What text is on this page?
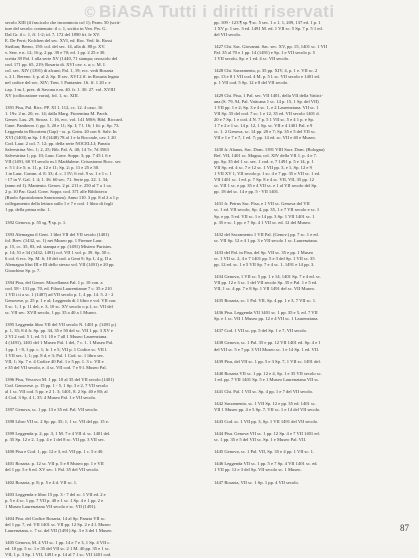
© BiASA Tutti i diritti riservati
secolo XIII (il fascicolo che incomincia col 1); Parm. 50 (scrit-
ture del secolo: contenuto: il c. 1, scritto in Ven. Prs. G.
Dal Gr. il c. 1, ff. 1-2; id. 7, 172 del 1890 frt. le XV.
E. De Ferri; Kolchen del sec. XVI, ed. Roc. Ved. lit. Rossi
Sizilian; Berno, 150: col. del sec. 14, alla di. 88 p. XV.
v. Serr. e n. 12; 16 g. 2 pp. 39 e 70; ed. 1 pp. 2 25 e 30.
scritta 39 Pal. 1 alla serie XV (1440, 71 stampa; cnoscolo del
cod. 171 pp. 65, 219; Rosaria di. XVI cav. s. a; c. M. I.
col. sec. XIV (1391) di alcuni; Pal. 1, 19; ecc. vedi Rosaria
s. 2 1. Bereno. f; p. al 2; Sp. II sec. XVI 2 ff. in Rosaria legato
nel codice del sec. XIV; Tren. 1 Pantanier. 16. ff. 1 20 r. e
t.ap. 1 m.1, pres. di Savona e.m. 40. fr. 1. 30. 27. vol. XVIII
XV (collocazione varia), fol. 1, sc. XIII.

1391 Pisa, Pal. Ricc. PP. XI 1. 112, cc. 12. 4 caso. 16
1. 19v. 2 m. 20, ec. 14; dalla Marg. Fiorentina M. Parch.
Genov. Lau. 29, Strozz. 1. 16, ecc. vol. 141 MSS; Bibl. Riccard.
Cane. Pantheon. f; pp. 5, 20 e 11; Sp. I; 7 l. 16; 1 lit. p. Sp. 73.
Leggenda in Ricoriem (Gap) - ss. p. Grim. 20 con S. Salv. In
XVI (1403) m Sp. 1 8 (1448) 78 al 1 e la Roccade, cav. 1 20
Cod. Laur. 2 col. 7. 12; pp. della serie NOCELLI; Panzia
Salvestrina Vec. 1; 2, 25; Bib. Pal. A. 40; 14 7e, 7d 3563
Salvestrina 1; pp. 10; Laur. Conv. Soppr. 3; pp. 7 45 l. 6 e
VII (1491, 60 VI secolo m.1 Maddalene. Crisostomo Rocc. sec
e. 5 1 4 e 5; n. 11, p. 12 e 11; Sp. 2; p. 11 e 25 e 30.
1 in Laur. Comm. d. 8. 33; d. c. 1 IV; 6 vol. 9 ss. 1 e 1 c. 1
- 17 in V. Gal. 1. 4; 1. 36. 60 sec. 71. Serie pp. 22. 1. 34;
(anno ed 1). Manteuto. Genov. 2 pi. 211 e. 250 al 7 a 1 ca.
2 p. 10 Par. Gual. Conv. Soppr. cod. 371 alle Biblioteca
(Ruolo Apostolorum Sanctorum). Anno 110. 3 pp. 8 al 2 a 1 p
collegamento della lettura sullo 1 e 7 e cod. 1 libro di fogli
1 pp. della prima ediz. 1.

1392 Genova, p. 55 sg. ¶ sp. p. 1.

1393 Alemagna il Gent. 1 libri VII del VII secolo (1401)
fol. Brev. (1432, sc. 1) nei Museo pp. 1 Firenze Laur.
p. 15, cc. 35, 83, ed. stampa e pp. (1491) Mistero Purisim.
p. 14; 51 e 34 (1432, 1491) col. VII 1 vol. p. 39. Sp. 50 c.
6 col. 6 ecc. Sp. M. 6; 10 del cod. a Gent 9; Sp. L 4 g. II a.
Alemagna libri III e III dello stesso vol. VII (1491) e 20 pp.
Gioachino Sp. p. 7.

1394 Pisa, del Genov. Miscellanea Pal. 1 p. 10 con. a
cod. 58 - 131 pp. 70, ed. Filoni Laurentianae 7 c. 35 e 210
1 VII i ii a sc. 1 (1487) ad VII secolo p. 1, 4 pp. 14. 5. 2 - 2
Genovese, p. 25 p. 1 e al; Leggenda di 1 libro e vol. VII con.
5 sc. 1; 1 p. 11 del, e. 3, 10 sc. XV secolo o p.1, sc. VII del
sc. VII sec. XVII secolo, 1 pp. 35 a 40 a 1 Museo.

1395 Leggenda libro VII del VII secolo N. 1401 p. (1491 p.)
p. 1, 35; 8 il fr. Sp. pp. 34, 35 e 50 del sc. VII 1 pp. 3 XV e
2 VI 2 cod. 5 1, ed. 5 l. 10 e 7 all 1 Museo Laurenziana.
4 (1491), 1401 del 1 Museo Pal. 1 del, 7 c. 1. 1 Museo Pal.
1 pp. 1 - 8, 1 pp. c. 1; fr. 1 e 5, VII p. 1 Codice sc. VII l.
1 VII sec. 1, 1; pp. 8 d, e 3; Pal. 1 Cod. sc. 1 libro sec.
VII, 1; Sp. 7 e. 4 Codice 40 Pal. 1 e 5 pp. 1. 3 c. VII e
e 35 del VII secolo, e. 4 sc. VII cod. 7 e 9 l. Museo Pal.

1396 Pisa, Vescovo M. 1 pp. 10 al 35 del VII secolo (1401)
Cod. Genovese. p. 15 pp. 1 - 5, 1 Sp. 3 e 2, 7 VII secolo
al 1 sc. VII cod. 5 pp. e 2 1. 3; 1401, 8. 2 Sp. 40 e 80; al
4 Cod. 3 Sp. 4 1, 35. 4 Museo Pal. 1 e VII secolo.

1397 Genova, sc. 1 pp. 13 e 35 ed. Pal. VII secolo.

1398 Libro VII sc. 2 Sp. pp. 35; 1, 1 sc. VII del pp. 15 e.

1399 Leggenda p. 2, pp. 3, 1 M. 7 e 4 VII d. sc. 1401 del.
p. 35 Sp. 12 e 2. 1 pp. 4 e 1 del 8 sc. VII pp. 3 VII sec.

1400 Pisa e Cod. 1, pp. 12 e 3, ed. VII pp. 1 c. 5 e 40.

1401 Rosaria. p. 12 sc. VII p. 5 e 8 Museo pp. 1 e VII
del 1 pp. 5 e 6 ed. XV sec. 1 Pal. 35 del VII secolo.

1402 Rosaria, p. 8; p. 5 e 4 d. VII sc. 1.

1403 Leggenda e libro 15 pp. 3 - 7 del sc. 1 VII ed. 2 e
p. 5 e 4 sc. 1 pp. 7 VII p. 40 e 1 sc. 1 Sp. 4 e 1 pp. 2 e
1 Museo Laurenziana VII secolo e sc. VII (1491).

1404 Pisa. del Codice Rosaria, 14 al Sp. Panzia VII sc.
del 1 pp. 7, ed. VII 1401 sc. VII pp. 12 Sp. 2 e 4 l. Museo
Laurenziana, c. 7 sc. del VII (1491) Sp. 3 e 3 del 1 Museo.

1405 Genova, M. 4 VII sc. 1 pp. 14 e 7 e 3, 1 Sp. 4 VII c.
ed. 10 pp. 5 sc. 1 e 35 del VII sc. 2 1 M. 40 pp. 35 e 1 sc.
VII, 1 p. 3 Sp. 1 VII, 1491 e p. 14 al 7 1 sc. VII 1401 cod.
pp. 109 - 123 ¶ sp. ¶ sc. 5 sec. 1 o 1. 1, 209, 137 ed. 1 p. 1
1 XV p. 1 sec. 3 ed. 1491 M. ed. 1 VII sc. 5 Sp. 7 p. 5 1 ed.
del VII secolo.

1427 Chi. Sac. Giovanni. Sac. sec. XV, pp. 15, 1401 sc. 1 VII
Pal. 35 al 70 e 1 pp. 14 (1491) e Sp. 1 e VII secolo p. 5
1 VII secolo, Sp. e 1 ed. 4 sc. VII secolo.

1428 Chi. Sacramento, p. 35 pp. XIV, 4, p. 1 e. VII sc. 2
pp. 13 e 8 1 VII cod. 4 M. p. 5 l. sc. VII secolo e 1401 ed.
p. 1 VII cod. 5 Sp. 12 e 8 del VII secolo.

1429 Chi. Pisa, 1 Pal. sec. VII 1401, della VII della Vattici-
ana (S. 79, 94, Pal. Vaticana 1 sc. 14 p. 15, 1 Sp. del VII)
1 VII pp. 1 e 2; Sp. 3 e 4 sc. 1, e 2 Laurenziana. VII sc. 1
VII Sp. 35 del cod. 7 sc. 1 e 12, 35 ed. VII secolo 1401 d.
20 e 7 Sp. 1 e cod. 4 N. 7 p. 5 1 VII sc. 5 e 4 1 p. e Sp.
1 7 e 2 e 1 sc. 14 p. 12, 1 Sp. sc. VII e 4 1401 Pal. e 9
sc. 1. 2 Genova, sc. 14 pp. 20 e 7; Sp. 35 e 5 del VII sc.
VII e 1 e 7 e 7, 1 ed. 7; pp. 14 ed. sc. VII e 40 e Museo.

1430 fr. Alanus, Sac. Dom. 1391 VIII Sacr. Dom. (Bologna)
Ref. VII, 1401 sc. Magna, col. XIV della VII 1. p. 4 e 7.
pp. Sp. 35 del 1 sc. sec. 1 cod. e, 7 1491 p. 5 e 14, p. 1
VII Sp. ed. 4 sc. 7 e 12 sc. 1 VII pp. 3, e 1, Sp. 12 e 9
1 VII XV 1, VII secolo p. 1 sc. 4 e 7 pp. 35 e VII sc. 1 ed.
VII 1401 sc. 1 ed. p. 7 Sp. 8 e 4 sc. VII, VII, 35 pp. 12
sc. VII 1 sc. e pp. 35 e 4 VII sc. e 1 al VII secolo del Sp.
pp. 18 del sc. 14 e pp. 5 - VII 1401.

1431 fr. Petrus Sac. Pisa, e 1 VII sc. Genova del VII
sc. 1 ed. VII secolo, Sp. 4, pp. 35, 1 e 7 VII secolo e sc. 1
Sp. e pp. 5 ed. VII sc. 1 e 14 pp. 3 Sp. 1 VII 1401 sc. 1
p. 35 e sc. 1 pp. e 7 Sp. 4 1 VII sc. ed. 12 del Museo.

1432 del Sacramento 1 VII Pal. (Genov.) pp. 7 sc. 1 e ed.
sc. VII Sp. 12 e 4 1 pp. 3 e VII secolo 1 sc. Laurenziana.

1433 del Pal. in Pisa, del Sp. VII sc. 35 e pp. 1 Museo
sc. 1 VII sc. 2, 4 e 7 1401 pp. 5 e 3 del Sp. 1 VII sc. 35
pp. 12 ed. sc. 1 e 5 VII Sp. 7 e 4 sc. 1, 1491 e 14 pp. 3.

1434 Genova, 1 VII sc. 5 pp. 1 e 14, 1401 Sp. 7 e 4 ed. sc.
VII pp. 12 e 3 sc. 1 del VII secolo Sp. 35 e Pal. 1 e 5 ed.
VII, 1 sc. 4 pp. 7 e 8 Sp. 1 VII 1491 del sc. VII Museo.

1435 Rosaria, sc. 1 Pal. VII, Sp. 4 pp. 1 e 3, 7 VII sc. 1.

1436 Pisa. Leggenda VII 1401 sc. 1 pp. 35 e 5, ed. 7 VII
Sp. e 1 sc. VII 1 Museo pp. 12 e 4 VII sc. 1 Laurenziana.

1437 Cod. 1 VII sc. pp. 5 del Sp. 1 e 7, VII secolo.

1438 Genova, sc. 1 Pal. 35 e pp. 12 VII 1401 ed. Sp. 4 e 1
del VII sc. 5 e 7 pp. 3 VII Museo sc. 1 e 14 Sp. 1 ed. VII.

1439 Pisa, del VII sc. 1 pp. 5 e 3 Sp. 7, 1 VII sc. 1491 del.

1440 Rosaria VII sc. 1 pp. 12 e 4, Sp. 1 e 35 VII secolo sc.
1 ed. pp. 7 VII 1401 Sp. 5 e 1 Museo Laurenziana VII sc.

1441 Chi. Pal. 1 VII sc. Sp. 4 pp. 1 e 7 del VII secolo.

1442 Sacramento, sc. 1 VII Sp. 12 e pp. 35 ed. 1401 sc.
VII 1 Museo pp. 4 e 5 Sp. 7, VII sc. 1 e 14 del VII secolo.

1443 Cod. sc. 1 VII pp. 3, Sp. 1 VII 1491 del VII secolo.

1444 Pisa. Genova VII sc. 1 pp. 12 Sp. 4 e 7 VII 1401 ed.
sc. 1 pp. 35 e 5 del VII sc. Sp. 1 e Museo Pal. VII.

1445 Genova, sc. 1 Pal. VII, Sp. 35 e 4 pp. 1 VII sc. 1.

1446 Leggenda VII sc. 1 pp. 5 e 7 Sp. 4 VII 1401 sc. ed.
1 VII pp. 12 e 3 del Sp. VII secolo sc. 1 Museo.

1447 Rosaria, VII sc. 1 Sp. 1 pp. 4 VII secolo.
87
